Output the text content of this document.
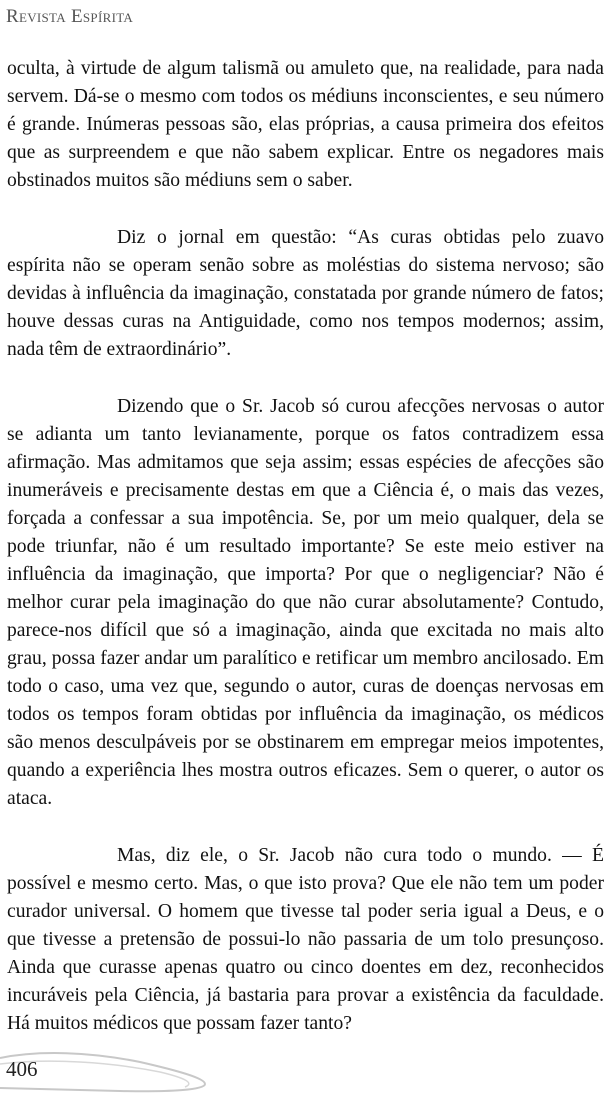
Revista Espírita

oculta, à virtude de algum talismã ou amuleto que, na realidade, para nada servem. Dá-se o mesmo com todos os médiuns inconscientes, e seu número é grande. Inúmeras pessoas são, elas próprias, a causa primeira dos efeitos que as surpreendem e que não sabem explicar. Entre os negadores mais obstinados muitos são médiuns sem o saber.

Diz o jornal em questão: “As curas obtidas pelo zuavo espírita não se operam senão sobre as moléstias do sistema nervoso; são devidas à influência da imaginação, constatada por grande número de fatos; houve dessas curas na Antiguidade, como nos tempos modernos; assim, nada têm de extraordinário”.

Dizendo que o Sr. Jacob só curou afecções nervosas o autor se adianta um tanto levianamente, porque os fatos contradizem essa afirmação. Mas admitamos que seja assim; essas espécies de afecções são inumeráveis e precisamente destas em que a Ciência é, o mais das vezes, forçada a confessar a sua impotência. Se, por um meio qualquer, dela se pode triunfar, não é um resultado importante? Se este meio estiver na influência da imaginação, que importa? Por que o negligenciar? Não é melhor curar pela imaginação do que não curar absolutamente? Contudo, parece-nos difícil que só a imaginação, ainda que excitada no mais alto grau, possa fazer andar um paralítico e retificar um membro ancilosado. Em todo o caso, uma vez que, segundo o autor, curas de doenças nervosas em todos os tempos foram obtidas por influência da imaginação, os médicos são menos desculpáveis por se obstinarem em empregar meios impotentes, quando a experiência lhes mostra outros eficazes. Sem o querer, o autor os ataca.

Mas, diz ele, o Sr. Jacob não cura todo o mundo. — É possível e mesmo certo. Mas, o que isto prova? Que ele não tem um poder curador universal. O homem que tivesse tal poder seria igual a Deus, e o que tivesse a pretensão de possui-lo não passaria de um tolo presunçoso. Ainda que curasse apenas quatro ou cinco doentes em dez, reconhecidos incuráveis pela Ciência, já bastaria para provar a existência da faculdade. Há muitos médicos que possam fazer tanto?

406
